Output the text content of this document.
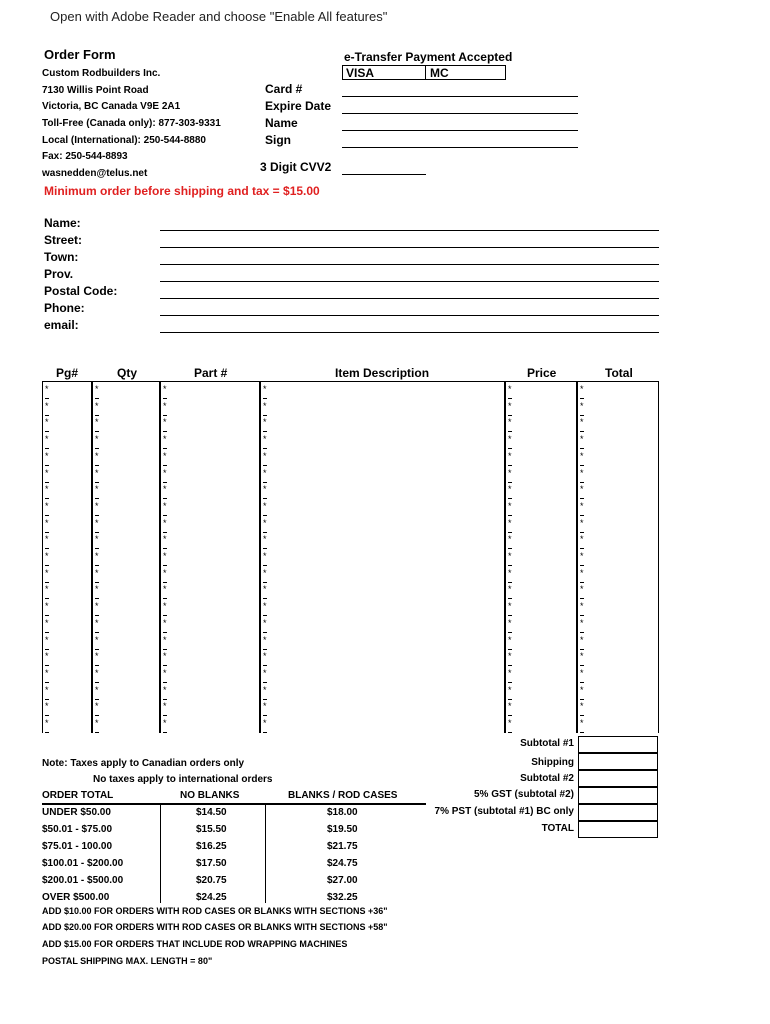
Open with Adobe Reader and choose "Enable All features"
Order Form
Custom Rodbuilders Inc.
7130 Willis Point Road
Victoria, BC Canada V9E 2A1
Toll-Free (Canada only): 877-303-9331
Local (International): 250-544-8880
Fax: 250-544-8893
wasnedden@telus.net
Minimum order before shipping and tax = $15.00
e-Transfer Payment Accepted
VISA	MC
Card #
Expire Date
Name
Sign
3 Digit CVV2
Name:
Street:
Town:
Prov.
Postal Code:
Phone:
email:
Pg#	Qty	Part #	Item Description	Price	Total
*	*	*	*	*	*
*	*	*	*	*	*
*	*	*	*	*	*
*	*	*	*	*	*
*	*	*	*	*	*
*	*	*	*	*	*
*	*	*	*	*	*
*	*	*	*	*	*
*	*	*	*	*	*
*	*	*	*	*	*
*	*	*	*	*	*
*	*	*	*	*	*
*	*	*	*	*	*
*	*	*	*	*	*
*	*	*	*	*	*
*	*	*	*	*	*
*	*	*	*	*	*
*	*	*	*	*	*
*	*	*	*	*	*
*	*	*	*	*	*
*	*	*	*	*	*
Subtotal #1
Shipping
Subtotal #2
5% GST (subtotal #2)
7% PST (subtotal #1) BC only
TOTAL
Note: Taxes apply to Canadian orders only
No taxes apply to international orders
ORDER TOTAL	NO BLANKS	BLANKS / ROD CASES
UNDER $50.00	$14.50	$18.00
$50.01 - $75.00	$15.50	$19.50
$75.01 - 100.00	$16.25	$21.75
$100.01 - $200.00	$17.50	$24.75
$200.01 - $500.00	$20.75	$27.00
OVER $500.00	$24.25	$32.25
ADD $10.00 FOR ORDERS WITH ROD CASES OR BLANKS WITH SECTIONS +36"
ADD $20.00 FOR ORDERS WITH ROD CASES OR BLANKS WITH SECTIONS +58"
ADD $15.00 FOR ORDERS THAT INCLUDE ROD WRAPPING MACHINES
POSTAL SHIPPING MAX. LENGTH = 80"
